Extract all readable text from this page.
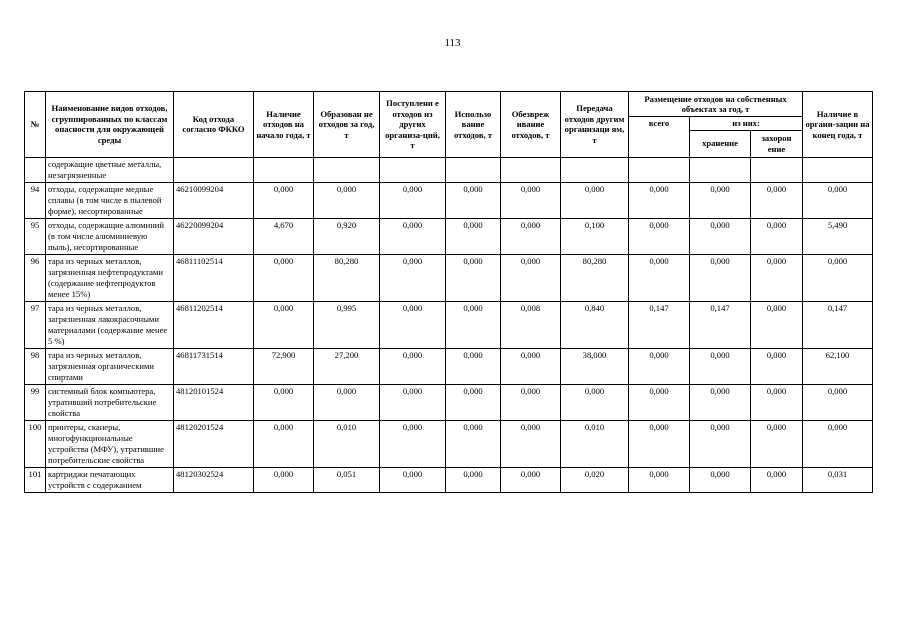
113
№	Наименование видов отходов, сгруппированных по классам опасности для окружающей среды	Код отхода согласно ФККО	Наличие отходов на начало года, т	Образован не отходов за год, т	Поступлени е отходов из других организа-ций, т	Использо вание отходов, т	Обезвреж ивание отходов, т	Передача отходов другим организаци ям, т	Размещение отходов на собственных объектах за год, т			Наличие в органи-зации на конец года, т
									всего	из них:		
										хранение	захорон ение	
	содержащие цветные металлы, незагрязненные											
94	отходы, содержащие медные сплавы (в том числе в пылевой форме), несортированные	46210099204	0,000	0,000	0,000	0,000	0,000	0,000	0,000	0,000	0,000	0,000
95	отходы, содержащие алюминий (в том числе алюминиевую пыль), несортированные	46220099204	4,670	0,920	0,000	0,000	0,000	0,100	0,000	0,000	0,000	5,490
96	тара из черных металлов, загрязненная нефтепродуктами (содержание нефтепродуктов менее 15%)	46811102514	0,000	80,280	0,000	0,000	0,000	80,280	0,000	0,000	0,000	0,000
97	тара из черных металлов, загрязненная лакокрасочными материалами (содержание менее 5 %)	46811202514	0,000	0,995	0,000	0,000	0,008	0,840	0,147	0,147	0,000	0,147
98	тара из черных металлов, загрязненная органическими спиртами	46811731514	72,900	27,200	0,000	0,000	0,000	38,000	0,000	0,000	0,000	62,100
99	системный блок компьютера, утративший потребительские свойства	48120101524	0,000	0,000	0,000	0,000	0,000	0,000	0,000	0,000	0,000	0,000
100	принтеры, сканеры, многофункциональные устройства (МФУ), утратившие потребительские свойства	48120201524	0,000	0,010	0,000	0,000	0,000	0,010	0,000	0,000	0,000	0,000
101	картриджи печатающих устройств с содержанием	48120302524	0,000	0,051	0,000	0,000	0,000	0,020	0,000	0,000	0,000	0,031
